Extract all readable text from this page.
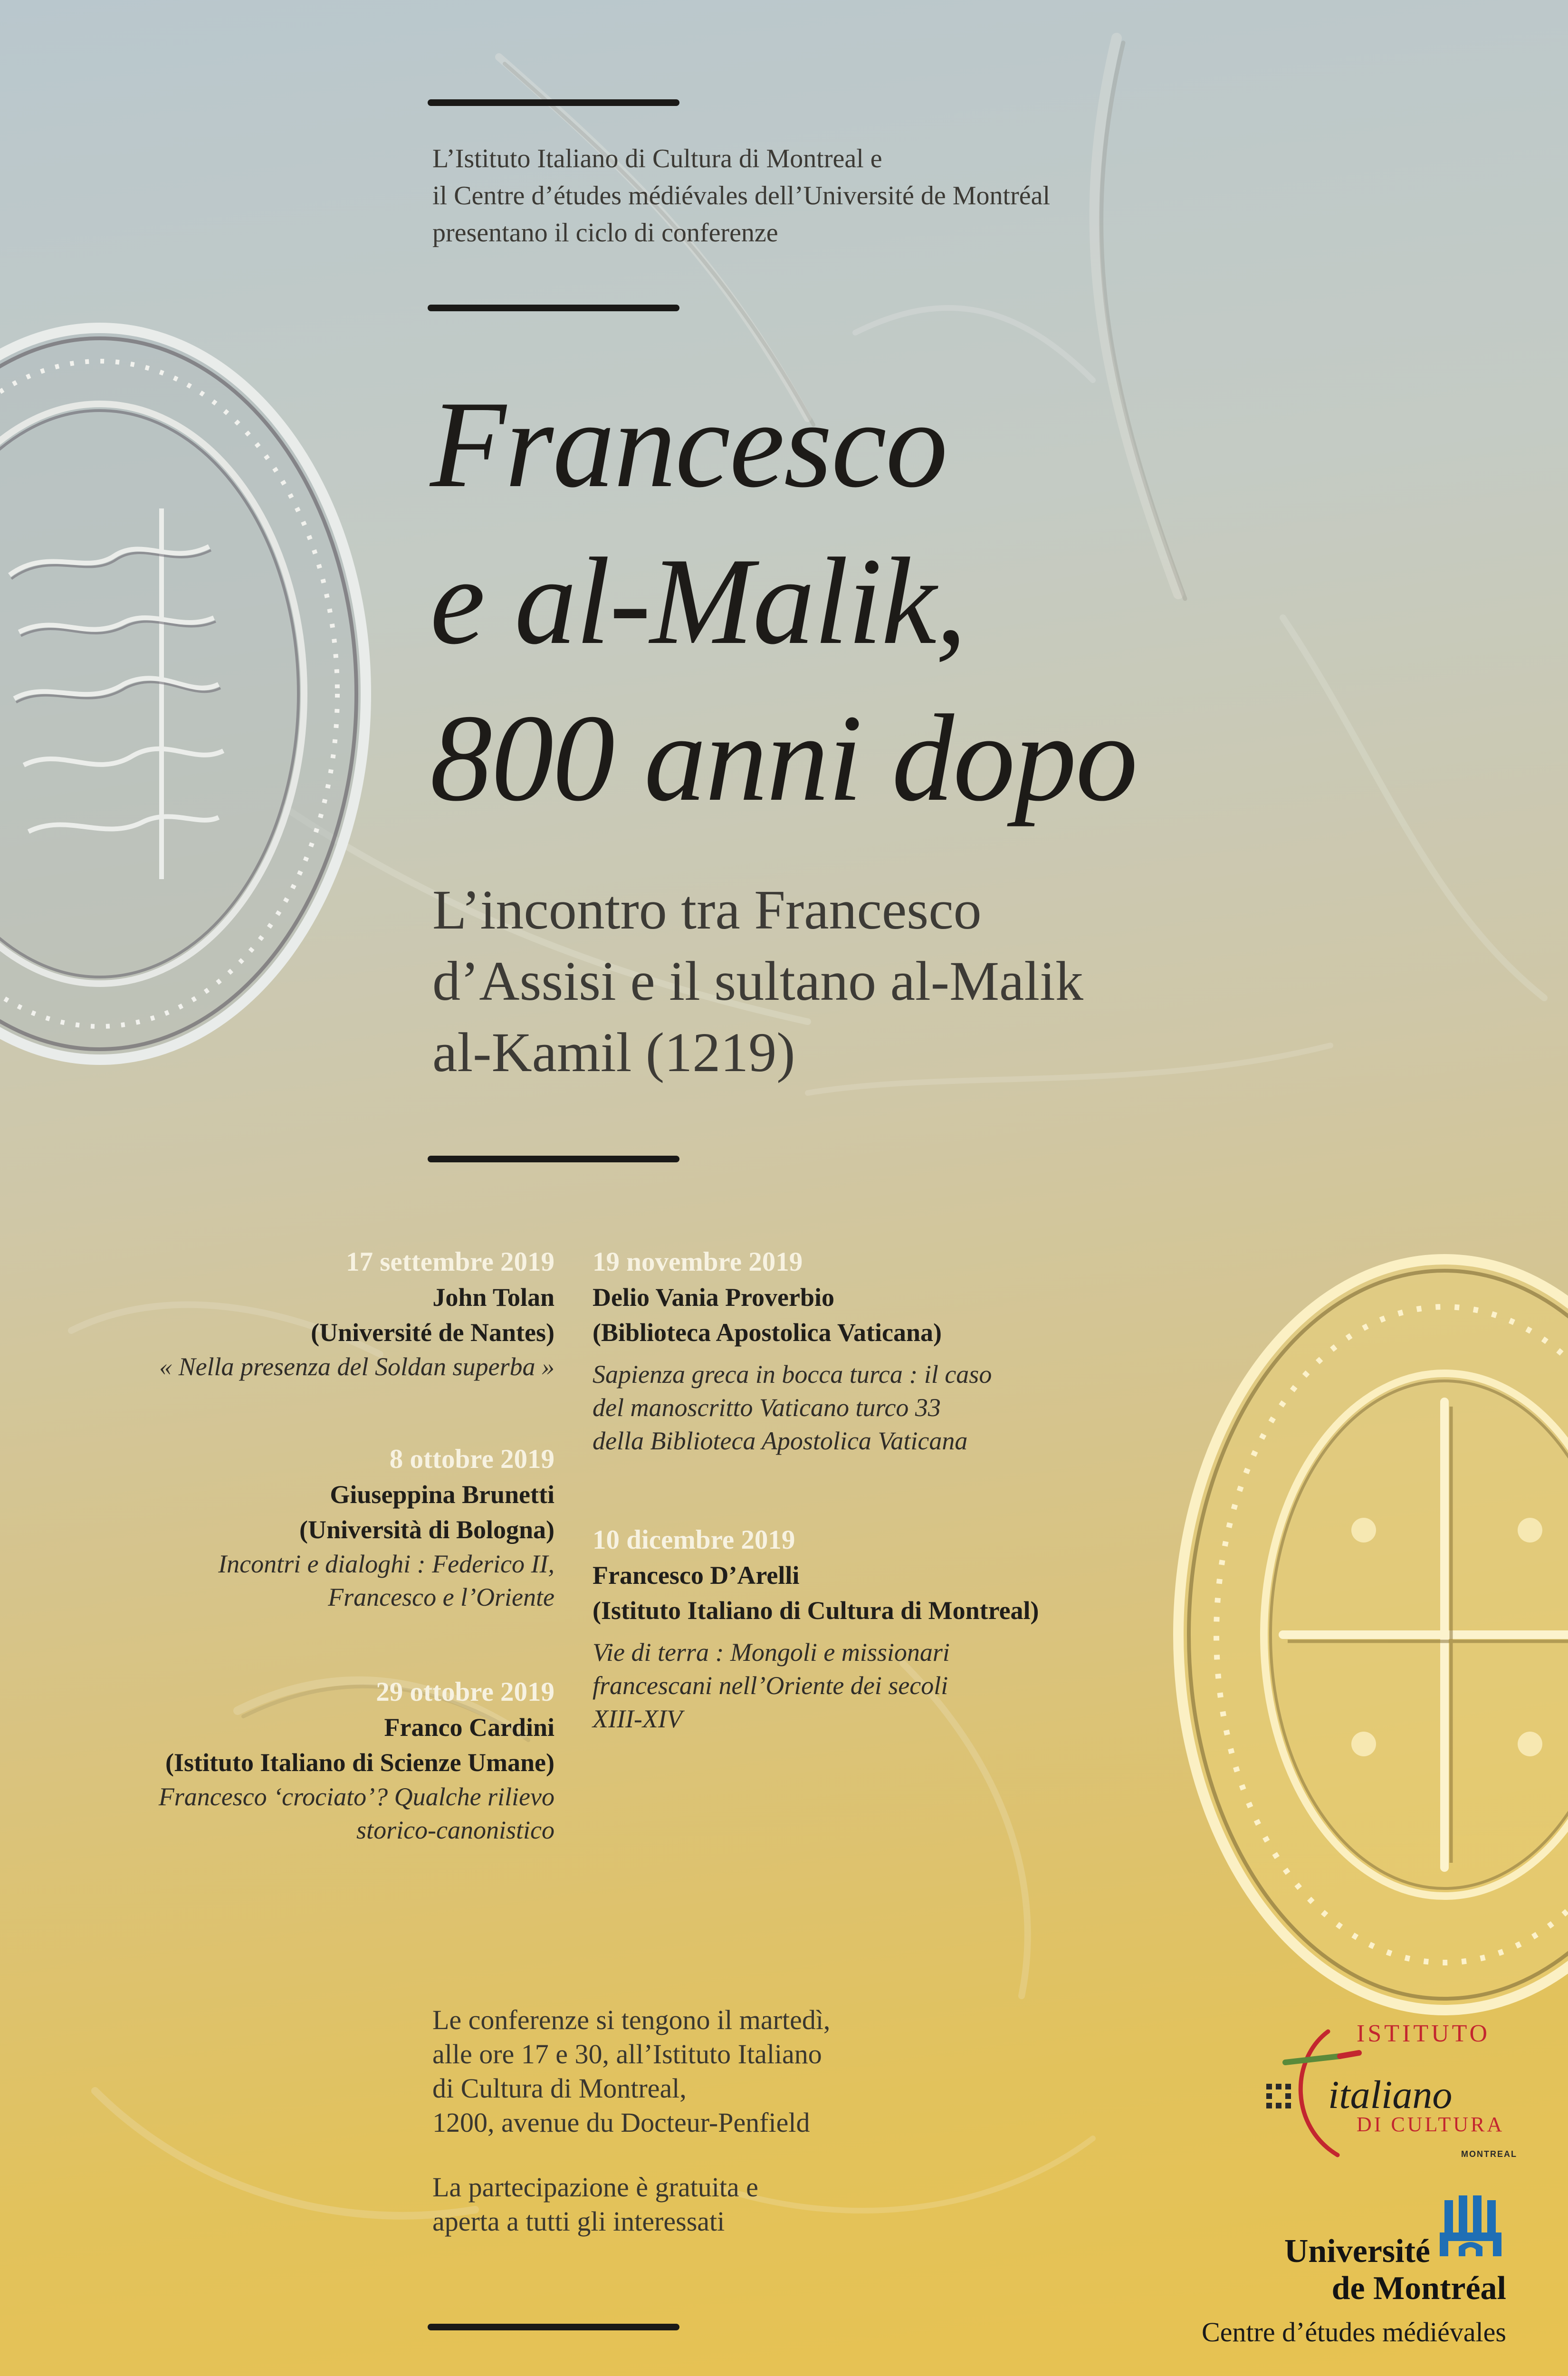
L’Istituto Italiano di Cultura di Montreal e
il Centre d’études médiévales dell’Université de Montréal
presentano il ciclo di conferenze
Francesco
e al-Malik,
800 anni dopo
L’incontro tra Francesco
d’Assisi e il sultano al-Malik
al-Kamil (1219)
17 settembre 2019
John Tolan
(Université de Nantes)
« Nella presenza del Soldan superba »
8 ottobre 2019
Giuseppina Brunetti
(Università di Bologna)
Incontri e dialoghi : Federico II,
Francesco e l’Oriente
29 ottobre 2019
Franco Cardini
(Istituto Italiano di Scienze Umane)
Francesco ‘crociato’? Qualche rilievo
storico-canonistico
19 novembre 2019
Delio Vania Proverbio
(Biblioteca Apostolica Vaticana)
Sapienza greca in bocca turca : il caso
del manoscritto Vaticano turco 33
della Biblioteca Apostolica Vaticana
10 dicembre 2019
Francesco D’Arelli
(Istituto Italiano di Cultura di Montreal)
Vie di terra : Mongoli e missionari
francescani nell’Oriente dei secoli
XIII-XIV
Le conferenze si tengono il martedì,
alle ore 17 e 30, all’Istituto Italiano
di Cultura di Montreal,
1200, avenue du Docteur-Penfield
La partecipazione è gratuita e
aperta a tutti gli interessati
ISTITUTO
italiano
DI CULTURA
MONTREAL
Université
de Montréal
Centre d’études médiévales
